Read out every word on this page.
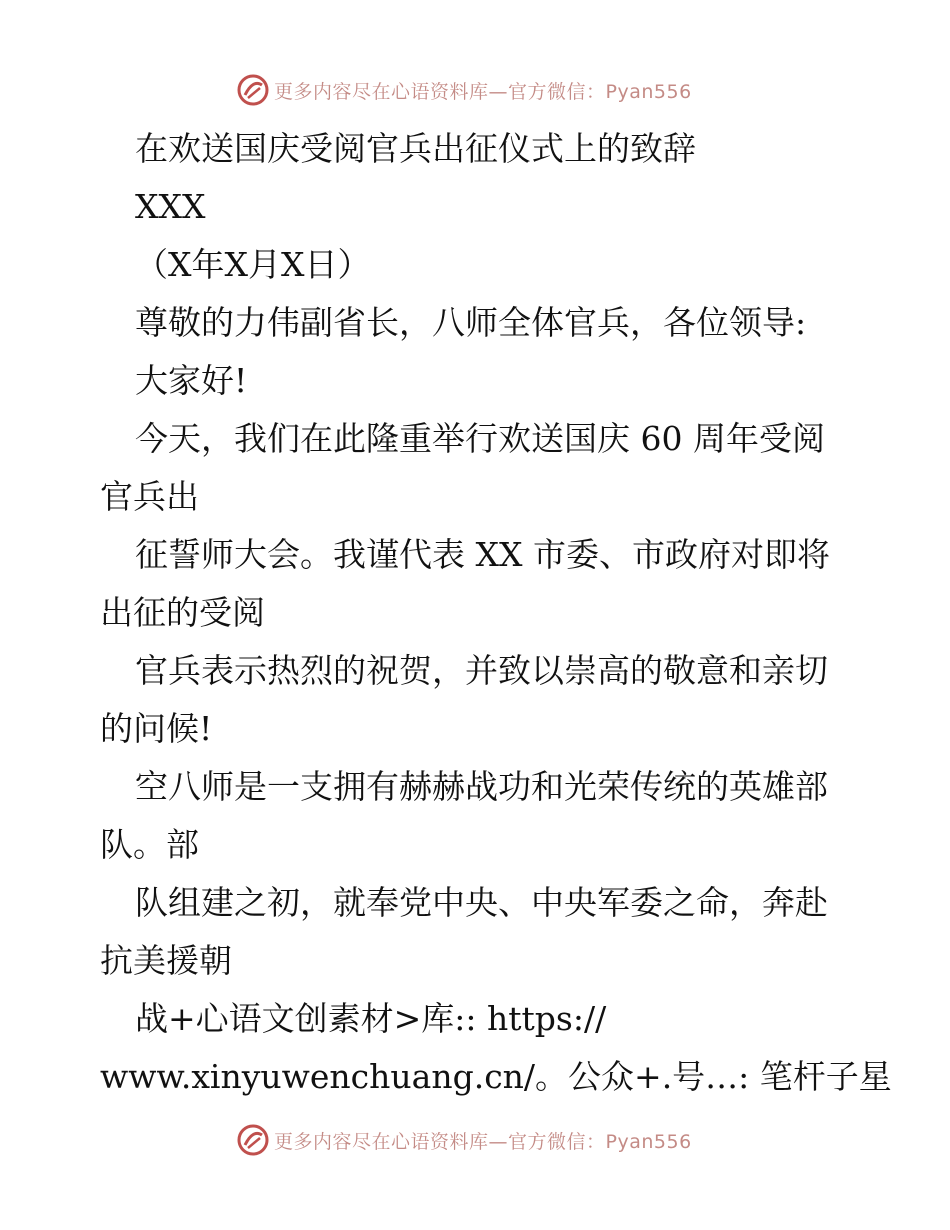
更多内容尽在心语资料库—官方微信：Pyan556
在欢送国庆受阅官兵出征仪式上的致辞
XXX
（X年X月X日）
尊敬的力伟副省长，八师全体官兵，各位领导:
大家好!
今天，我们在此隆重举行欢送国庆 60 周年受阅
官兵出
征誓师大会。我谨代表 XX 市委、市政府对即将
出征的受阅
官兵表示热烈的祝贺，并致以崇高的敬意和亲切
的问候!
空八师是一支拥有赫赫战功和光荣传统的英雄部
队。部
队组建之初，就奉党中央、中央军委之命，奔赴
抗美援朝
战+心语文创素材>库:: https://
www.xinyuwenchuang.cn/。公众+.号…: 笔杆子星
更多内容尽在心语资料库—官方微信：Pyan556
